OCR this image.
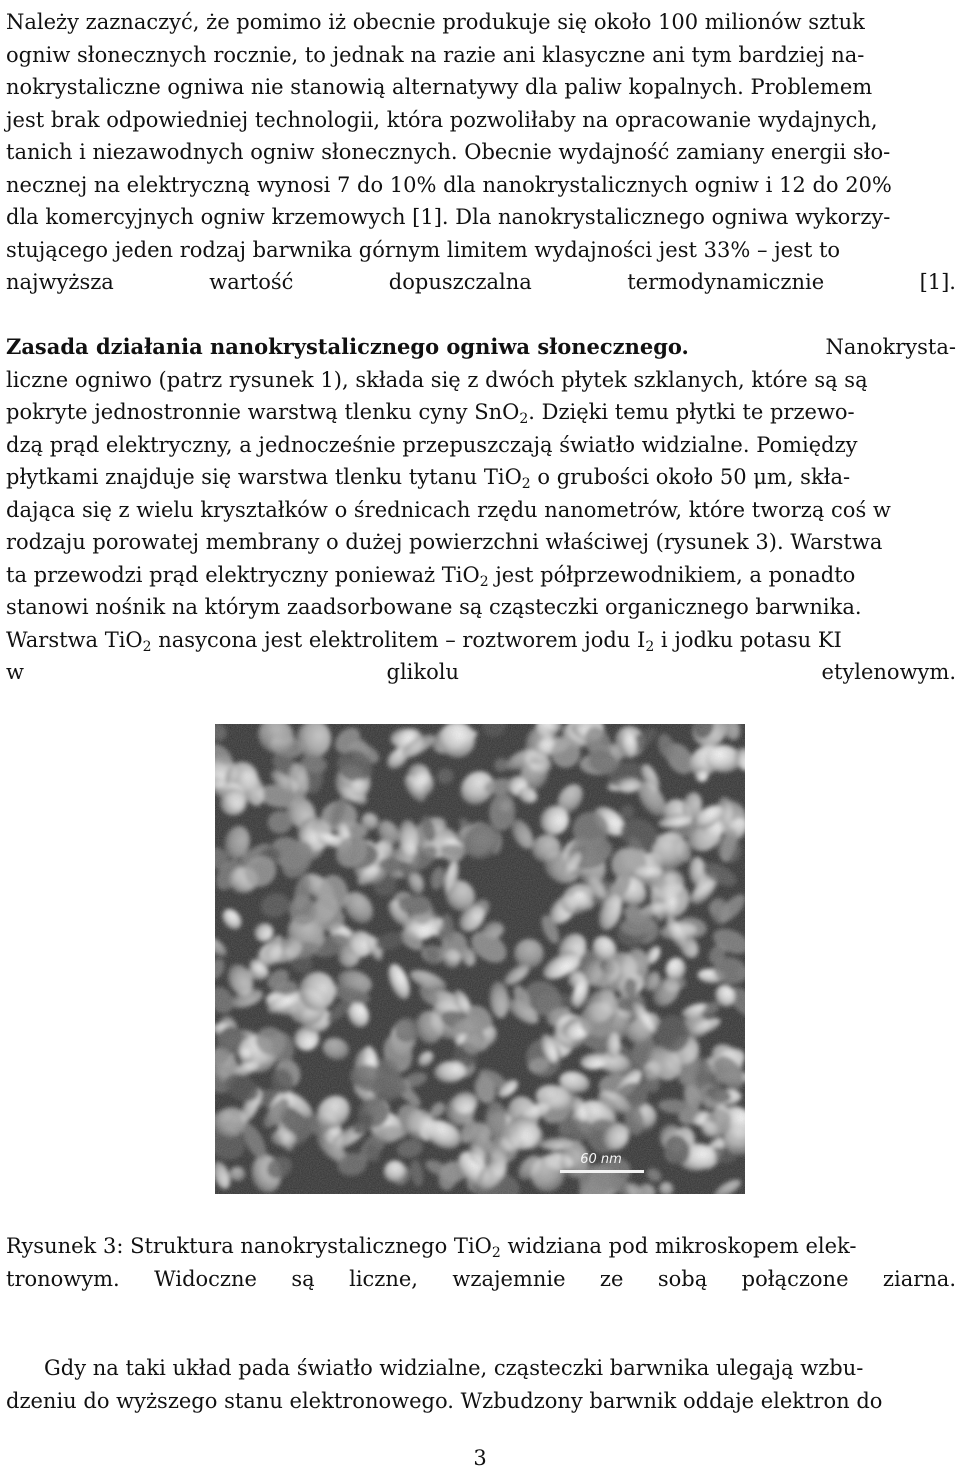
Należy zaznaczyć, że pomimo iż obecnie produkuje się około 100 milionów sztuk
ogniw słonecznych rocznie, to jednak na razie ani klasyczne ani tym bardziej na-
nokrystaliczne ogniwa nie stanowią alternatywy dla paliw kopalnych. Problemem
jest brak odpowiedniej technologii, która pozwoliłaby na opracowanie wydajnych,
tanich i niezawodnych ogniw słonecznych. Obecnie wydajność zamiany energii sło-
necznej na elektryczną wynosi 7 do 10% dla nanokrystalicznych ogniw i 12 do 20%
dla komercyjnych ogniw krzemowych [1]. Dla nanokrystalicznego ogniwa wykorzy-
stującego jeden rodzaj barwnika górnym limitem wydajności jest 33% – jest to
najwyższa wartość dopuszczalna termodynamicznie [1].
Zasada działania nanokrystalicznego ogniwa słonecznego.	Nanokrysta-
liczne ogniwo (patrz rysunek 1), składa się z dwóch płytek szklanych, które są są
pokryte jednostronnie warstwą tlenku cyny SnO$_2$. Dzięki temu płytki te przewo-
dzą prąd elektryczny, a jednocześnie przepuszczają światło widzialne. Pomiędzy
płytkami znajduje się warstwa tlenku tytanu TiO$_2$ o grubości około 50 μm, skła-
dająca się z wielu kryształków o średnicach rzędu nanometrów, które tworzą coś w
rodzaju porowatej membrany o dużej powierzchni właściwej (rysunek 3). Warstwa
ta przewodzi prąd elektryczny ponieważ TiO$_2$ jest półprzewodnikiem, a ponadto
stanowi nośnik na którym zaadsorbowane są cząsteczki organicznego barwnika.
Warstwa TiO$_2$ nasycona jest elektrolitem – roztworem jodu $I_2$ i jodku potasu KI
w glikolu etylenowym.
60 nm
Rysunek 3: Struktura nanokrystalicznego TiO$_2$ widziana pod mikroskopem elek-
tronowym. Widoczne są liczne, wzajemnie ze sobą połączone ziarna.
Gdy na taki układ pada światło widzialne, cząsteczki barwnika ulegają wzbu-
dzeniu do wyższego stanu elektronowego. Wzbudzony barwnik oddaje elektron do
3
